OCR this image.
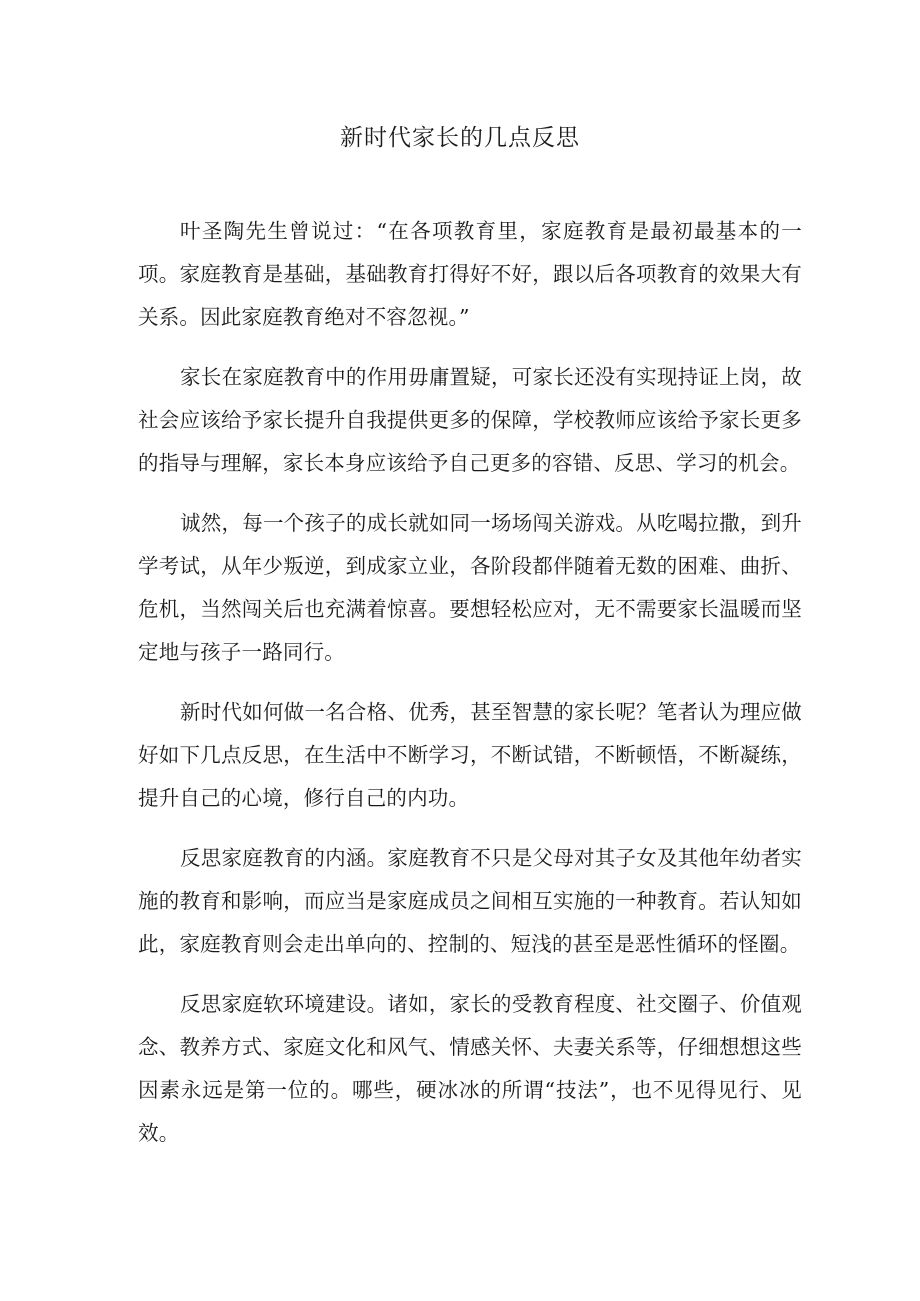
新时代家长的几点反思

叶圣陶先生曾说过：“在各项教育里，家庭教育是最初最基本的一项。家庭教育是基础，基础教育打得好不好，跟以后各项教育的效果大有关系。因此家庭教育绝对不容忽视。”

家长在家庭教育中的作用毋庸置疑，可家长还没有实现持证上岗，故社会应该给予家长提升自我提供更多的保障，学校教师应该给予家长更多的指导与理解，家长本身应该给予自己更多的容错、反思、学习的机会。

诚然，每一个孩子的成长就如同一场场闯关游戏。从吃喝拉撒，到升学考试，从年少叛逆，到成家立业，各阶段都伴随着无数的困难、曲折、危机，当然闯关后也充满着惊喜。要想轻松应对，无不需要家长温暖而坚定地与孩子一路同行。

新时代如何做一名合格、优秀，甚至智慧的家长呢？笔者认为理应做好如下几点反思，在生活中不断学习，不断试错，不断顿悟，不断凝练，提升自己的心境，修行自己的内功。

反思家庭教育的内涵。家庭教育不只是父母对其子女及其他年幼者实施的教育和影响，而应当是家庭成员之间相互实施的一种教育。若认知如此，家庭教育则会走出单向的、控制的、短浅的甚至是恶性循环的怪圈。

反思家庭软环境建设。诸如，家长的受教育程度、社交圈子、价值观念、教养方式、家庭文化和风气、情感关怀、夫妻关系等，仔细想想这些因素永远是第一位的。哪些，硬冰冰的所谓“技法”，也不见得见行、见效。
